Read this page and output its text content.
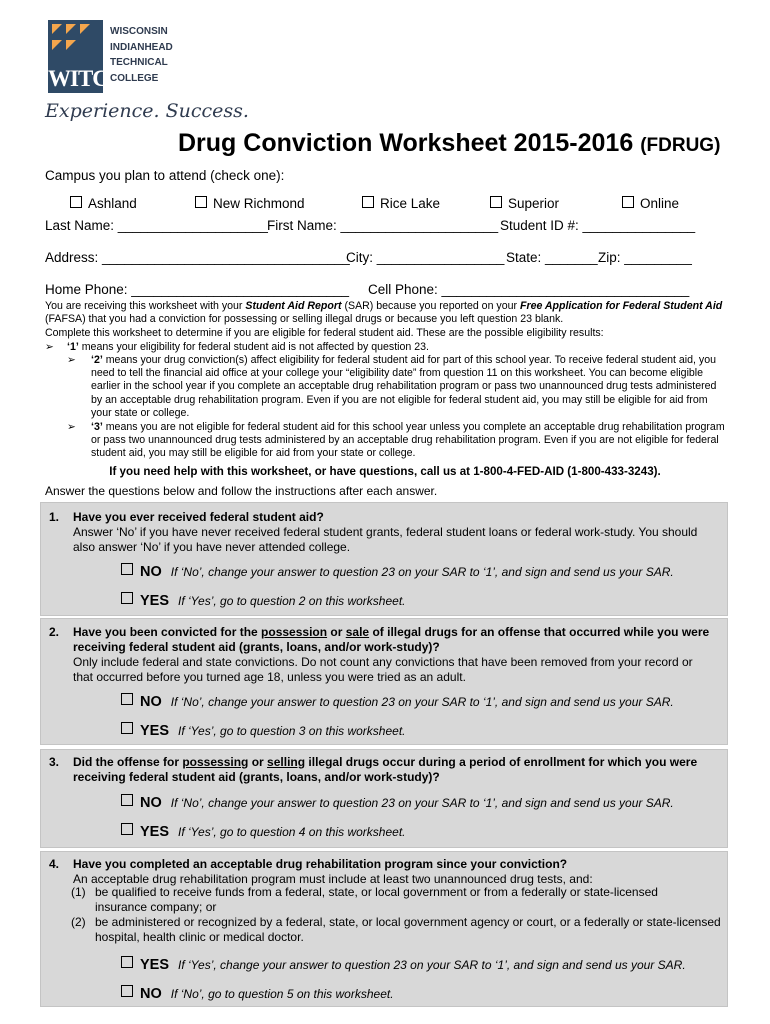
WITC
WISCONSIN
INDIANHEAD
TECHNICAL
COLLEGE
Experience. Success.
Drug Conviction Worksheet 2015-2016 (FDRUG)
Campus you plan to attend (check one):
Ashland	New Richmond	Rice Lake	Superior	Online
Last Name: ____________________ First Name: _____________________ Student ID #: _______________
Address: _________________________________
City: _________________ State: _______ Zip: _________
Home Phone: _____________________________ Cell Phone: _________________________________
You are receiving this worksheet with your Student Aid Report (SAR) because you reported on your Free Application for Federal Student Aid (FAFSA) that you had a conviction for possessing or selling illegal drugs or because you left question 23 blank.
Complete this worksheet to determine if you are eligible for federal student aid. These are the possible eligibility results:
➢ ‘1’ means your eligibility for federal student aid is not affected by question 23.
➢ ‘2’ means your drug conviction(s) affect eligibility for federal student aid for part of this school year. To receive federal student aid, you need to tell the financial aid office at your college your “eligibility date” from question 11 on this worksheet. You can become eligible earlier in the school year if you complete an acceptable drug rehabilitation program or pass two unannounced drug tests administered by an acceptable drug rehabilitation program. Even if you are not eligible for federal student aid, you may still be eligible for aid from your state or college.
➢ ‘3’ means you are not eligible for federal student aid for this school year unless you complete an acceptable drug rehabilitation program or pass two unannounced drug tests administered by an acceptable drug rehabilitation program. Even if you are not eligible for federal student aid, you may still be eligible for aid from your state or college.
If you need help with this worksheet, or have questions, call us at 1-800-4-FED-AID (1-800-433-3243).
Answer the questions below and follow the instructions after each answer.
1. Have you ever received federal student aid?
Answer ‘No’ if you have never received federal student grants, federal student loans or federal work-study. You should also answer ‘No’ if you have never attended college.
NO If ‘No’, change your answer to question 23 on your SAR to ‘1’, and sign and send us your SAR.
YES If ‘Yes’, go to question 2 on this worksheet.
2. Have you been convicted for the possession or sale of illegal drugs for an offense that occurred while you were receiving federal student aid (grants, loans, and/or work-study)?
Only include federal and state convictions. Do not count any convictions that have been removed from your record or that occurred before you turned age 18, unless you were tried as an adult.
NO If ‘No’, change your answer to question 23 on your SAR to ‘1’, and sign and send us your SAR.
YES If ‘Yes’, go to question 3 on this worksheet.
3. Did the offense for possessing or selling illegal drugs occur during a period of enrollment for which you were receiving federal student aid (grants, loans, and/or work-study)?
NO If ‘No’, change your answer to question 23 on your SAR to ‘1’, and sign and send us your SAR.
YES If ‘Yes’, go to question 4 on this worksheet.
4. Have you completed an acceptable drug rehabilitation program since your conviction?
An acceptable drug rehabilitation program must include at least two unannounced drug tests, and:
(1) be qualified to receive funds from a federal, state, or local government or from a federally or state-licensed insurance company; or
(2) be administered or recognized by a federal, state, or local government agency or court, or a federally or state-licensed hospital, health clinic or medical doctor.
YES If ‘Yes’, change your answer to question 23 on your SAR to ‘1’, and sign and send us your SAR.
NO If ‘No’, go to question 5 on this worksheet.
